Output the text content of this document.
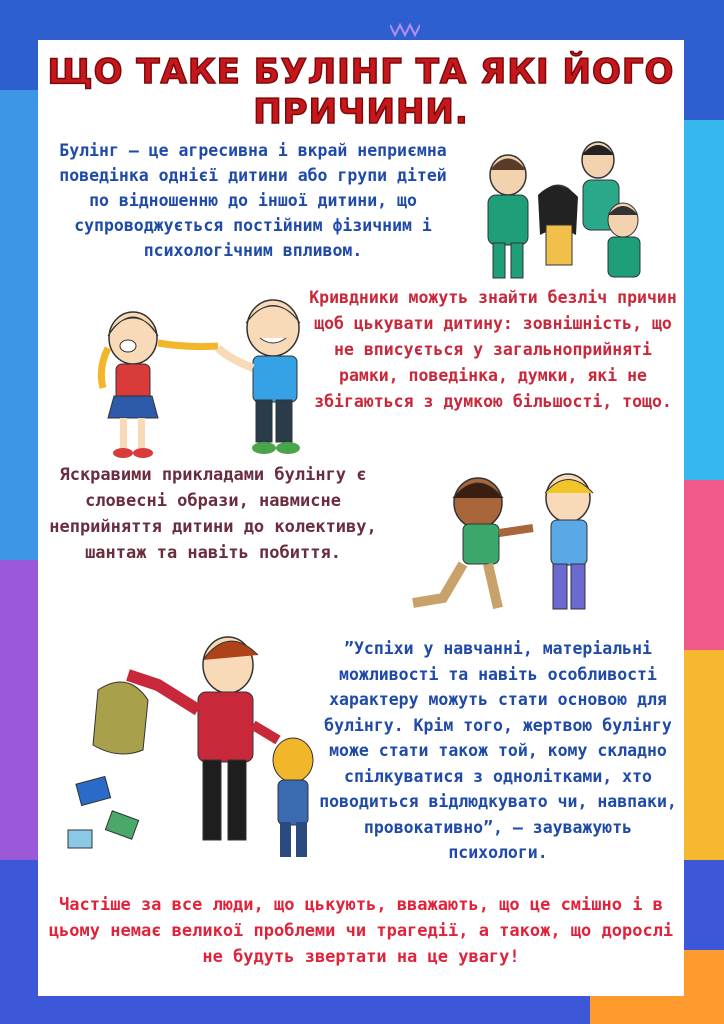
ЩО ТАКЕ БУЛІНГ ТА ЯКІ ЙОГО ПРИЧИНИ.
Булінг – це агресивна і вкрай неприємна поведінка однієї дитини або групи дітей по відношенню до іншої дитини, що супроводжується постійним фізичним і психологічним впливом.
Кривдники можуть знайти безліч причин щоб цькувати дитину: зовнішність, що не вписується у загальноприйняті рамки, поведінка, думки, які не збігаються з думкою більшості, тощо.
Яскравими прикладами булінгу є словесні образи, навмисне неприйняття дитини до колективу, шантаж та навіть побиття.
”Успіхи у навчанні, матеріальні можливості та навіть особливості характеру можуть стати основою для булінгу. Крім того, жертвою булінгу може стати також той, кому складно спілкуватися з однолітками, хто поводиться відлюдкувато чи, навпаки, провокативно”, – зауважують психологи.
Частіше за все люди, що цькують, вважають, що це смішно і в цьому немає великої проблеми чи трагедії, а також, що дорослі не будуть звертати на це увагу!
